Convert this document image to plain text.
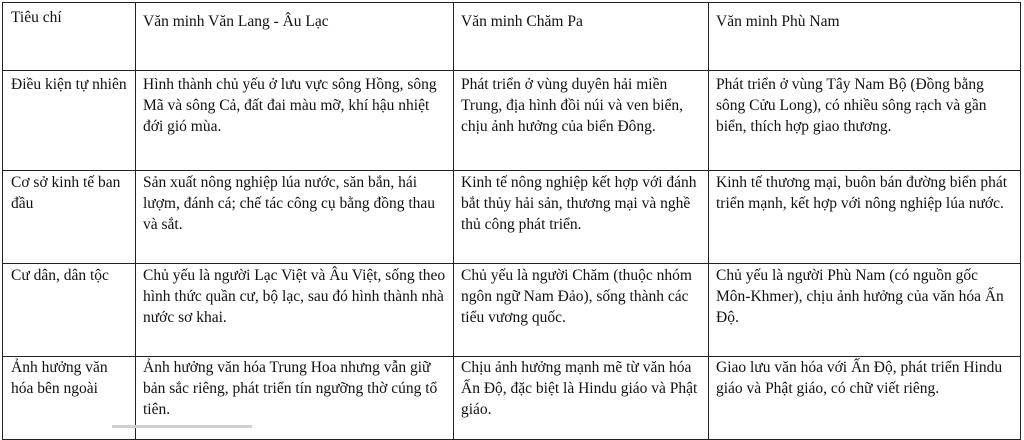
Tiêu chí	Văn minh Văn Lang - Âu Lạc	Văn minh Chăm Pa	Văn minh Phù Nam
Điều kiện tự nhiên	Hình thành chủ yếu ở lưu vực sông Hồng, sông Mã và sông Cả, đất đai màu mỡ, khí hậu nhiệt đới gió mùa.	Phát triển ở vùng duyên hải miền Trung, địa hình đồi núi và ven biển, chịu ảnh hưởng của biển Đông.	Phát triển ở vùng Tây Nam Bộ (Đồng bằng sông Cửu Long), có nhiều sông rạch và gần biển, thích hợp giao thương.
Cơ sở kinh tế ban đầu	Sản xuất nông nghiệp lúa nước, săn bắn, hái lượm, đánh cá; chế tác công cụ bằng đồng thau và sắt.	Kinh tế nông nghiệp kết hợp với đánh bắt thủy hải sản, thương mại và nghề thủ công phát triển.	Kinh tế thương mại, buôn bán đường biển phát triển mạnh, kết hợp với nông nghiệp lúa nước.
Cư dân, dân tộc	Chủ yếu là người Lạc Việt và Âu Việt, sống theo hình thức quần cư, bộ lạc, sau đó hình thành nhà nước sơ khai.	Chủ yếu là người Chăm (thuộc nhóm ngôn ngữ Nam Đảo), sống thành các tiểu vương quốc.	Chủ yếu là người Phù Nam (có nguồn gốc Môn-Khmer), chịu ảnh hưởng của văn hóa Ấn Độ.
Ảnh hưởng văn hóa bên ngoài	Ảnh hưởng văn hóa Trung Hoa nhưng vẫn giữ bản sắc riêng, phát triển tín ngưỡng thờ cúng tổ tiên.	Chịu ảnh hưởng mạnh mẽ từ văn hóa Ấn Độ, đặc biệt là Hindu giáo và Phật giáo.	Giao lưu văn hóa với Ấn Độ, phát triển Hindu giáo và Phật giáo, có chữ viết riêng.
